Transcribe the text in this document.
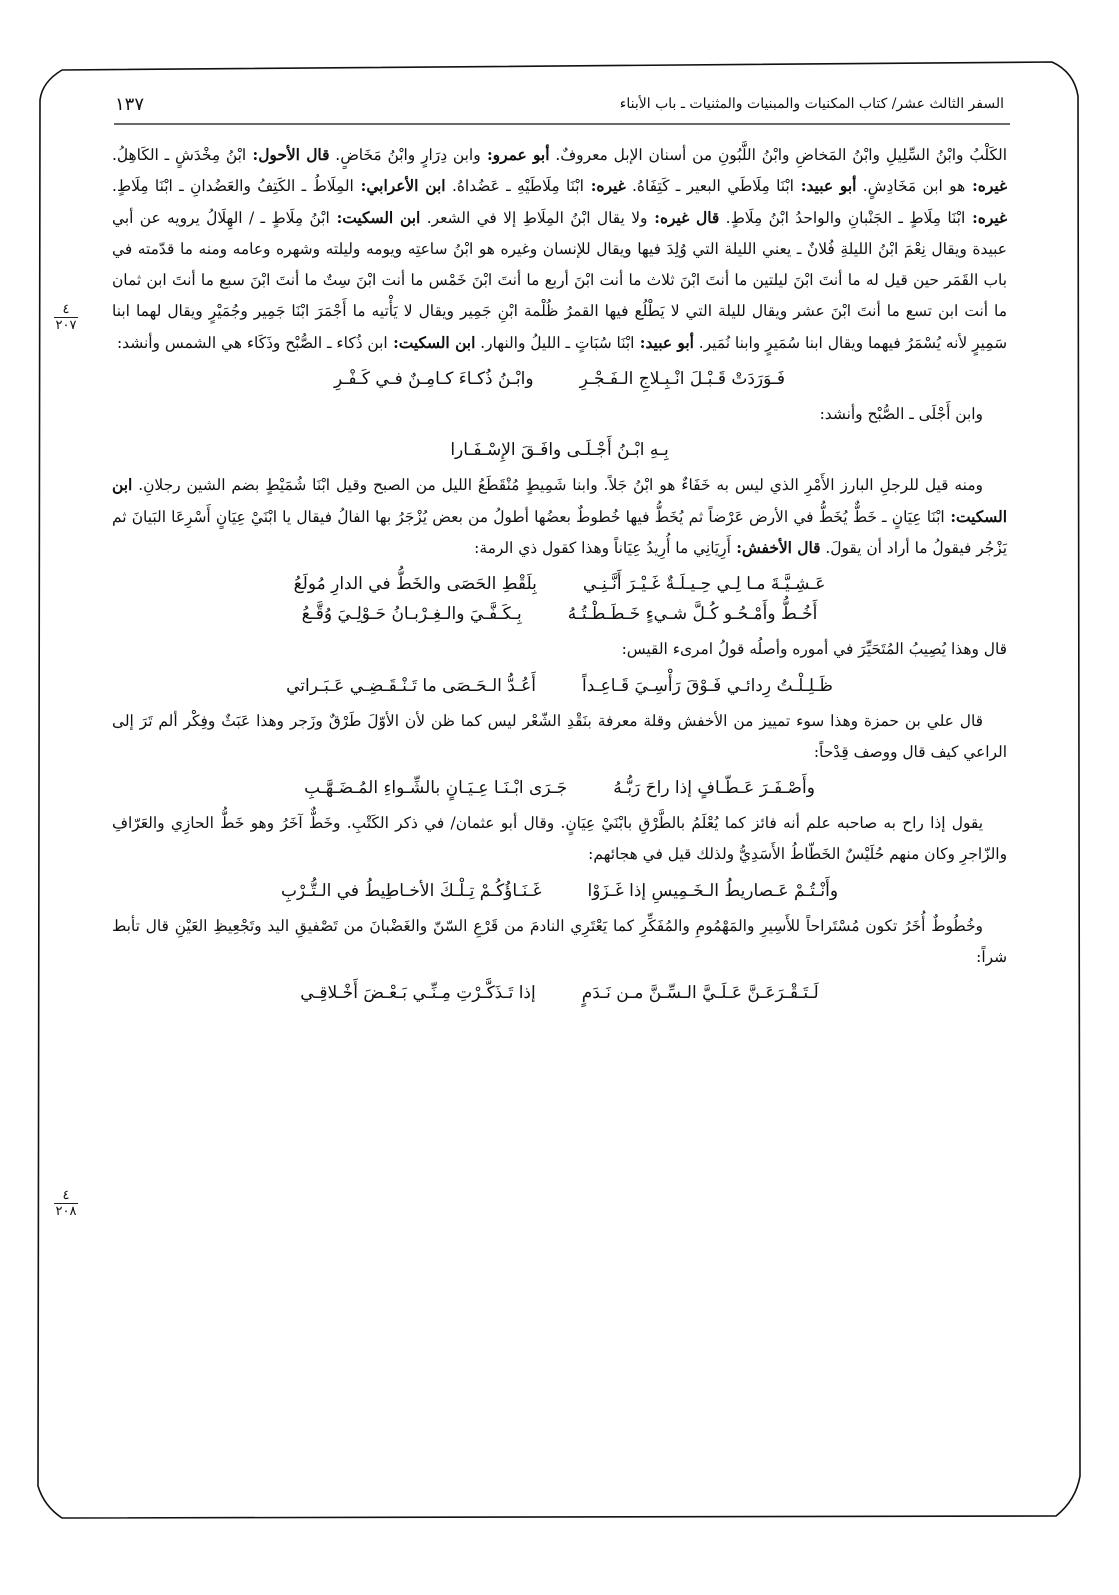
السفر الثالث عشر/ كتاب المكنيات والمبنيات والمثنيات ـ باب الأبناء
١٣٧
٤
٢٠٧
٤
٢٠٨

الكَلْبُ وابْنُ السِّلِيلِ وابْنُ المَخاضِ وابْنُ اللَّبُونِ من أسنان الإبل معروفٌ. أبو عمرو: وابن دِرَارٍ وابْنُ مَخَاضٍ. قال الأحول: ابْنُ مِخْدَشٍ ـ الكَاهِلُ. غيره: هو ابن مَخَادِشٍ. أبو عبيد: ابْنَا مِلَاطَي البعير ـ كَتِفَاهُ. غيره: ابْنَا مِلَاطَيْهِ ـ عَضُداهُ. ابن الأعرابي: المِلَاطُ ـ الكَتِفُ والعَضُدانِ ـ ابْنَا مِلَاطٍ. غيره: ابْنَا مِلَاطٍ ـ الجَنْبانِ والواحدُ ابْنُ مِلَاطٍ. قال غيره: ولا يقال ابْنُ المِلَاطِ إلا في الشعر. ابن السكيت: ابْنُ مِلَاطٍ ـ / الهِلَالُ يرويه عن أبي عبيدة ويقال نِعْمَ ابْنُ الليلةِ فُلانٌ ـ يعني الليلة التي وُلِدَ فيها ويقال للإنسان وغيره هو ابْنُ ساعتِه ويومه وليلته وشهره وعامه ومنه ما قدّمته في باب القَمَر حين قيل له ما أنتَ ابْنَ ليلتين ما أنتَ ابْنَ ثلاث ما أنت ابْنَ أربع ما أنتَ ابْنَ خَمْس ما أنت ابْنَ سِتٌ ما أنتَ ابْنَ سبع ما أنتَ ابن ثمان ما أنت ابن تسع ما أنتَ ابْنَ عشر ويقال لليلة التي لا يَطْلُع فيها القمرُ ظُلْمة ابْنِ جَمِير ويقال لا يَأْتيه ما أَجْمَرَ ابْنَا جَمِير وجُمَيْرٍ ويقال لهما ابنا سَمِيرٍ لأنه يُسْمَرُ فيهما ويقال ابنا سُمَيرٍ وابنا نُمَير. أبو عبيد: ابْنَا سُبَاتٍ ـ الليلُ والنهار. ابن السكيت: ابن ذُكاء ـ الصُّبْح وذَكَاء هي الشمس وأنشد:

فَـوَرَدَتْ قَـبْـلَ انْـبِـلاجِ الـفَـجْـرِ
وابْـنُ ذُكـاءَ كـامِـنٌ فـي كَـفْـرِ

وابن أَجْلَى ـ الصُّبْح وأنشد:

بِـهِ ابْـنُ أَجْـلَـى وافَـقَ الإِسْـفَـارا

ومنه قيل للرجلِ البارز الأَمْرِ الذي ليس به خَفَاءٌ هو ابْنُ جَلاً. وابنا شَمِيطٍ مُنْقَطَعُ الليل من الصبح وقيل ابْنَا شُمَيْطٍ بضم الشين رجلانِ. ابن السكيت: ابْنَا عِيَانٍ ـ خَطٌّ يُخَطُّ في الأرض عَرْضاً ثم يُخَطُّ فيها خُطوطٌ بعضُها أطولُ من بعض يُزْجَرُ بها الفالُ فيقال يا ابْنَيْ عِيَانٍ أَسْرِعَا البَيانَ ثم يَزْجُر فيقولُ ما أراد أن يقولَ. قال الأخفش: أَرِيَانِي ما أُرِيدُ عِيَاناً وهذا كقول ذي الرمة:

عَـشِـيَّـةَ مـا لِـي حِـيـلَـةٌ غَـيْـرَ أَنَّـنِـي
بِلَقْطِ الحَصَى والخَطُّ في الدارِ مُولَعُ
أَخُـطُّ وأَمْـحُـو كُـلَّ شـيءٍ خَـطَـطْـتُـهُ
بِـكَـفَّـيَ والـغِـرْبـانُ حَـوْلِـيَ وُقَّـعُ

قال وهذا يُصِيبُ المُتَحَيِّرَ في أموره وأصلُه قولُ امرىء القيس:

ظَـلِـلْـتُ رِدائـي فَـوْقَ رَأْسِـيَ قَـاعِـداً
أَعُـدُّ الـحَـصَى ما تَـنْـقَـضِـي عَـبَـراتي

قال علي بن حمزة وهذا سوء تمييز من الأخفش وقلة معرفة بنَقْدِ الشّعْر ليس كما ظن لأن الأوّلَ طَرْقٌ وزَجر وهذا عَبَثٌ وفِكْر ألم تَرَ إلى الراعي كيف قال ووصف قِدْحاً:

وأَصْـفَـرَ عَـطّـافٍ إذا راحَ رَبُّـهُ
جَـرَى ابْـنَـا عِـيَـانٍ بالشِّـواءِ المُـضَـهَّـبِ

يقول إذا راح به صاحبه علم أنه فائز كما يُعْلَمُ بالطَّرْقِ بابْنَيْ عِيَانٍ. وقال أبو عثمان/ في ذكر الكَتْبِ. وخَطٌّ آخَرُ وهو خَطُّ الحازِي والعَرّافِ والزّاجرِ وكان منهم حُلَيْسٌ الخَطّاطُ الأَسَدِيُّ ولذلك قيل في هجائهم:

وأَنْـتُـمْ عَـصاريطُ الـخَـمِيسِ إذا غَـزَوْا
غَـنَـاؤُكُـمْ تِـلْـكَ الأخـاطِيطُ في الـتُّـرْبِ

وخُطُوطٌ أُخَرُ تكون مُسْتَراحاً للأَسِيرِ والمَهْمُومِ والمُفَكِّرِ كما يَعْتَرِي النادمَ من قَرْعِ السّنّ والغَضْبانَ من تَصْفيقِ اليد وتَجْعِيظِ العَيْنِ قال تأبط شراً:

لَـتَـقْـرَعَـنَّ عَـلَـيَّ الـسِّـنَّ مـن نَـدَمٍ
إذا تَـذَكَّـرْتِ مِـنِّـي بَـعْـضَ أَخْـلاقِـي
